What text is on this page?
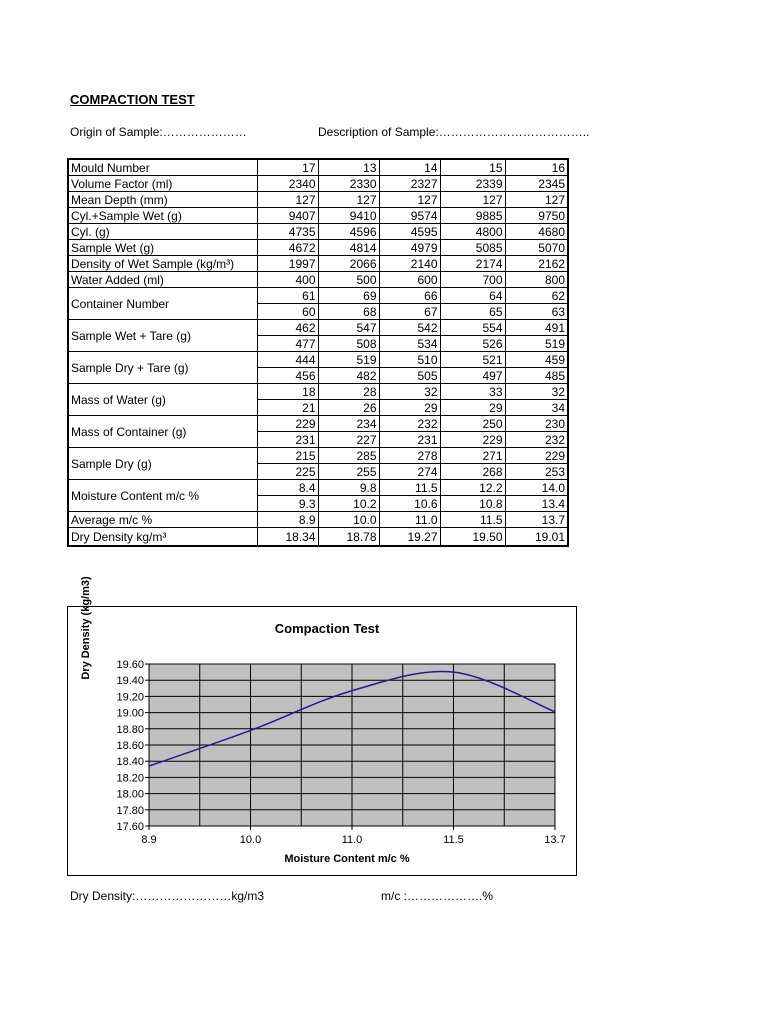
COMPACTION TEST
Origin of Sample:…………………	Description of Sample:………………………………..
Mould Number	17	13	14	15	16
Volume Factor (ml)	2340	2330	2327	2339	2345
Mean Depth (mm)	127	127	127	127	127
Cyl.+Sample Wet (g)	9407	9410	9574	9885	9750
Cyl. (g)	4735	4596	4595	4800	4680
Sample Wet (g)	4672	4814	4979	5085	5070
Density of Wet Sample (kg/m³)	1997	2066	2140	2174	2162
Water Added (ml)	400	500	600	700	800
Container Number	61	69	66	64	62
	60	68	67	65	63
Sample Wet + Tare (g)	462	547	542	554	491
	477	508	534	526	519
Sample Dry + Tare (g)	444	519	510	521	459
	456	482	505	497	485
Mass of Water (g)	18	28	32	33	32
	21	26	29	29	34
Mass of Container (g)	229	234	232	250	230
	231	227	231	229	232
Sample Dry (g)	215	285	278	271	229
	225	255	274	268	253
Moisture Content m/c %	8.4	9.8	11.5	12.2	14.0
	9.3	10.2	10.6	10.8	13.4
Average m/c %	8.9	10.0	11.0	11.5	13.7
Dry Density kg/m³	18.34	18.78	19.27	19.50	19.01
Dry Density (kg/m3)	Compaction Test
19.60
19.40
19.20
19.00
18.80
18.60
18.40
18.20
18.00
17.80
17.60
8.9	10.0	11.0	11.5	13.7
Moisture Content m/c %
Dry Density:……………………kg/m3	m/c :……………….%
